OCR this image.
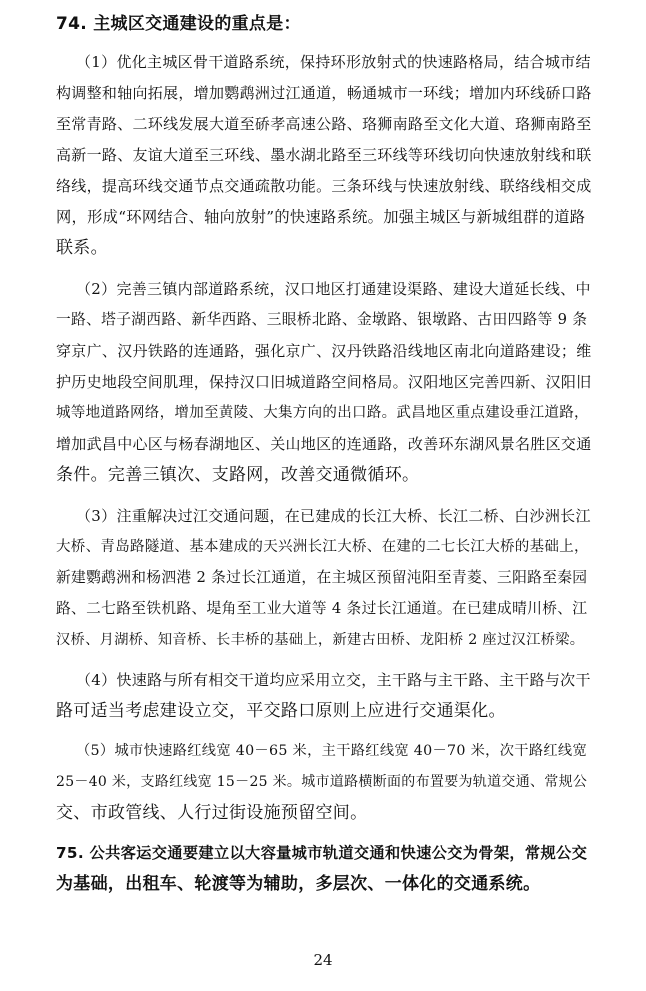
74. 主城区交通建设的重点是：
（1）优化主城区骨干道路系统，保持环形放射式的快速路格局，结合城市结
构调整和轴向拓展，增加鹦鹉洲过江通道，畅通城市一环线；增加内环线硚口路
至常青路、二环线发展大道至硚孝高速公路、珞狮南路至文化大道、珞狮南路至
高新一路、友谊大道至三环线、墨水湖北路至三环线等环线切向快速放射线和联
络线，提高环线交通节点交通疏散功能。三条环线与快速放射线、联络线相交成
网，形成“环网结合、轴向放射”的快速路系统。加强主城区与新城组群的道路
联系。
（2）完善三镇内部道路系统，汉口地区打通建设渠路、建设大道延长线、中
一路、塔子湖西路、新华西路、三眼桥北路、金墩路、银墩路、古田四路等 9 条
穿京广、汉丹铁路的连通路，强化京广、汉丹铁路沿线地区南北向道路建设；维
护历史地段空间肌理，保持汉口旧城道路空间格局。汉阳地区完善四新、汉阳旧
城等地道路网络，增加至黄陵、大集方向的出口路。武昌地区重点建设垂江道路，
增加武昌中心区与杨春湖地区、关山地区的连通路，改善环东湖风景名胜区交通
条件。完善三镇次、支路网，改善交通微循环。
（3）注重解决过江交通问题，在已建成的长江大桥、长江二桥、白沙洲长江
大桥、青岛路隧道、基本建成的天兴洲长江大桥、在建的二七长江大桥的基础上，
新建鹦鹉洲和杨泗港 2 条过长江通道，在主城区预留沌阳至青菱、三阳路至秦园
路、二七路至铁机路、堤角至工业大道等 4 条过长江通道。在已建成晴川桥、江
汉桥、月湖桥、知音桥、长丰桥的基础上，新建古田桥、龙阳桥 2 座过汉江桥梁。
（4）快速路与所有相交干道均应采用立交，主干路与主干路、主干路与次干
路可适当考虑建设立交，平交路口原则上应进行交通渠化。
（5）城市快速路红线宽 40－65 米，主干路红线宽 40－70 米，次干路红线宽
25－40 米，支路红线宽 15－25 米。城市道路横断面的布置要为轨道交通、常规公
交、市政管线、人行过街设施预留空间。
75. 公共客运交通要建立以大容量城市轨道交通和快速公交为骨架，常规公交
为基础，出租车、轮渡等为辅助，多层次、一体化的交通系统。
24
